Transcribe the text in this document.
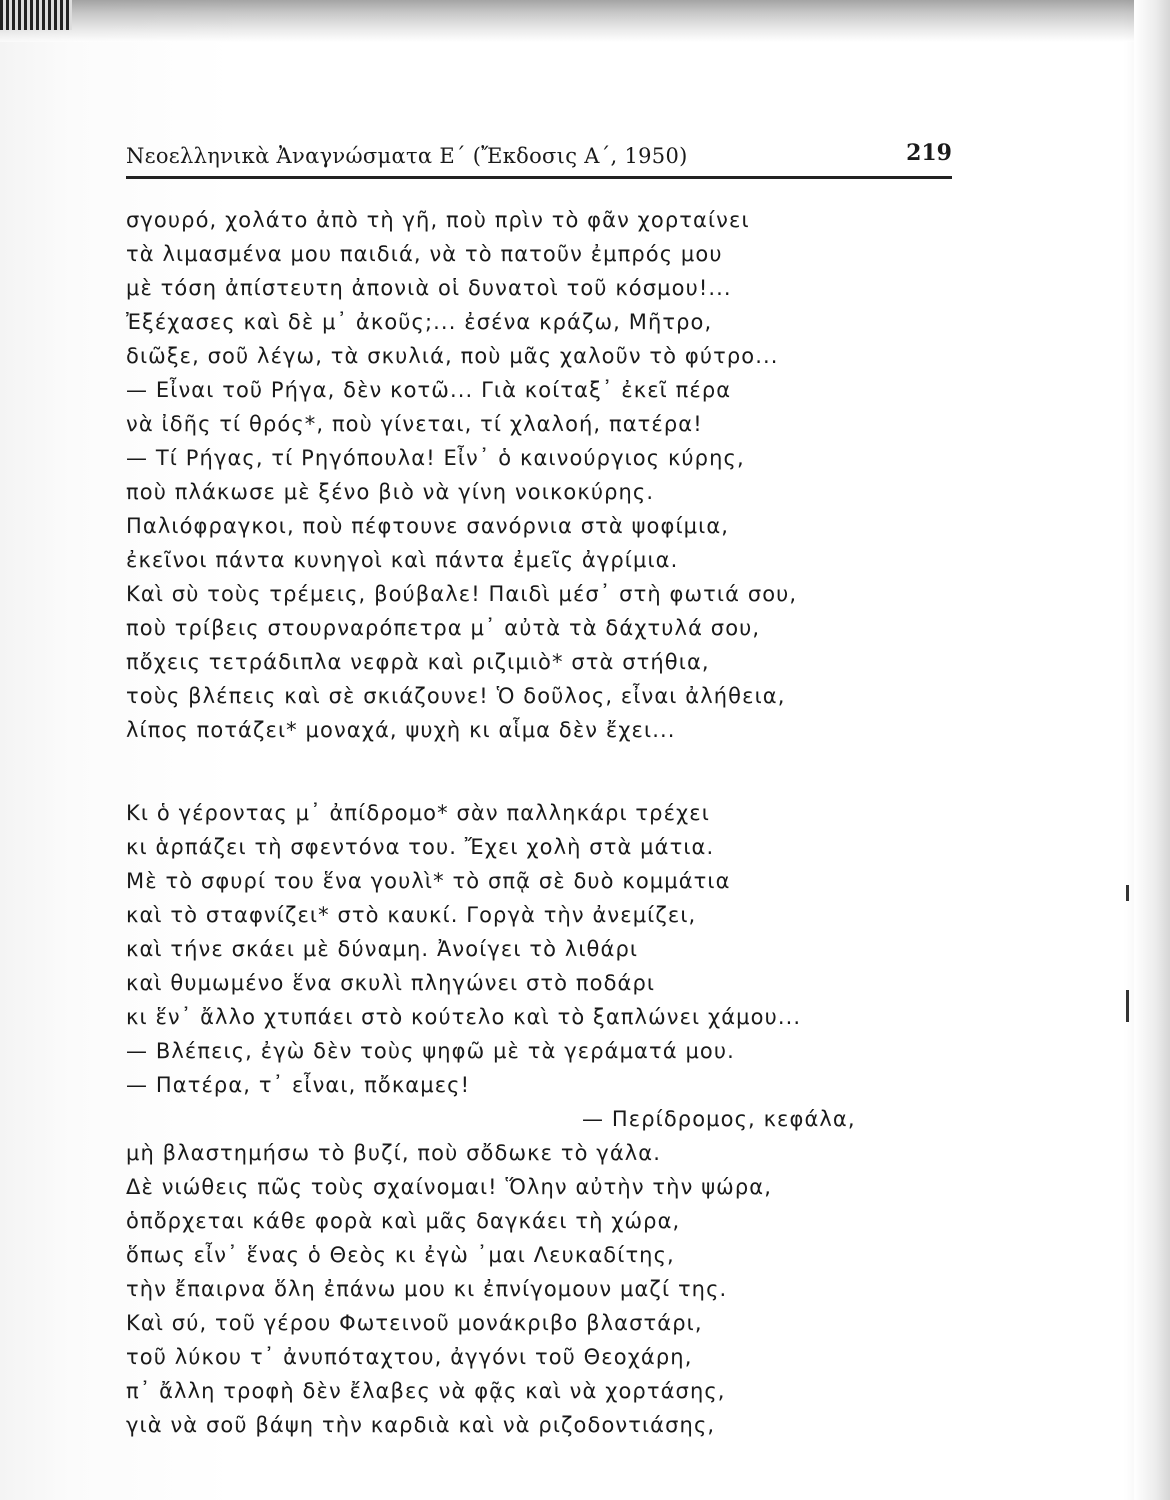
Νεοελληνικὰ Ἀναγνώσματα Ε΄ (Ἔκδοσις Α΄, 1950)	219
σγουρό, χολάτο ἀπὸ τὴ γῆ, ποὺ πρὶν τὸ φᾶν χορταίνει
τὰ λιμασμένα μου παιδιά, νὰ τὸ πατοῦν ἐμπρός μου
μὲ τόση ἀπίστευτη ἀπονιὰ οἱ δυνατοὶ τοῦ κόσμου!...
Ἐξέχασες καὶ δὲ μ᾽ ἀκοῦς;... ἐσένα κράζω, Μῆτρο,
διῶξε, σοῦ λέγω, τὰ σκυλιά, ποὺ μᾶς χαλοῦν τὸ φύτρο...
— Εἶναι τοῦ Ρήγα, δὲν κοτῶ... Γιὰ κοίταξ᾽ ἐκεῖ πέρα
νὰ ἰδῆς τί θρός*, ποὺ γίνεται, τί χλαλοή, πατέρα!
— Τί Ρήγας, τί Ρηγόπουλα! Εἶν᾽ ὁ καινούργιος κύρης,
ποὺ πλάκωσε μὲ ξένο βιὸ νὰ γίνη νοικοκύρης.
Παλιόφραγκοι, ποὺ πέφτουνε σανόρνια στὰ ψοφίμια,
ἐκεῖνοι πάντα κυνηγοὶ καὶ πάντα ἐμεῖς ἀγρίμια.
Καὶ σὺ τοὺς τρέμεις, βούβαλε! Παιδὶ μέσ᾽ στὴ φωτιά σου,
ποὺ τρίβεις στουρναρόπετρα μ᾽ αὐτὰ τὰ δάχτυλά σου,
πὄχεις τετράδιπλα νεφρὰ καὶ ριζιμιὸ* στὰ στήθια,
τοὺς βλέπεις καὶ σὲ σκιάζουνε! Ὁ δοῦλος, εἶναι ἀλήθεια,
λίπος ποτάζει* μοναχά, ψυχὴ κι αἷμα δὲν ἔχει...
Κι ὁ γέροντας μ᾽ ἀπίδρομο* σὰν παλληκάρι τρέχει
κι ἁρπάζει τὴ σφεντόνα του. Ἔχει χολὴ στὰ μάτια.
Μὲ τὸ σφυρί του ἕνα γουλὶ* τὸ σπᾷ σὲ δυὸ κομμάτια
καὶ τὸ σταφνίζει* στὸ καυκί. Γοργὰ τὴν ἀνεμίζει,
καὶ τήνε σκάει μὲ δύναμη. Ἀνοίγει τὸ λιθάρι
καὶ θυμωμένο ἕνα σκυλὶ πληγώνει στὸ ποδάρι
κι ἕν᾽ ἄλλο χτυπάει στὸ κούτελο καὶ τὸ ξαπλώνει χάμου...
— Βλέπεις, ἐγὼ δὲν τοὺς ψηφῶ μὲ τὰ γεράματά μου.
— Πατέρα, τ᾽ εἶναι, πὄκαμες!
— Περίδρομος, κεφάλα,
μὴ βλαστημήσω τὸ βυζί, ποὺ σὄδωκε τὸ γάλα.
Δὲ νιώθεις πῶς τοὺς σχαίνομαι! Ὅλην αὐτὴν τὴν ψώρα,
ὁπὄρχεται κάθε φορὰ καὶ μᾶς δαγκάει τὴ χώρα,
ὅπως εἶν᾽ ἕνας ὁ Θεὸς κι ἐγὼ ᾽μαι Λευκαδίτης,
τὴν ἔπαιρνα ὅλη ἐπάνω μου κι ἐπνίγομουν μαζί της.
Καὶ σύ, τοῦ γέρου Φωτεινοῦ μονάκριβο βλαστάρι,
τοῦ λύκου τ᾽ ἀνυπόταχτου, ἀγγόνι τοῦ Θεοχάρη,
π᾽ ἄλλη τροφὴ δὲν ἔλαβες νὰ φᾷς καὶ νὰ χορτάσης,
γιὰ νὰ σοῦ βάψη τὴν καρδιὰ καὶ νὰ ριζοδοντιάσης,
